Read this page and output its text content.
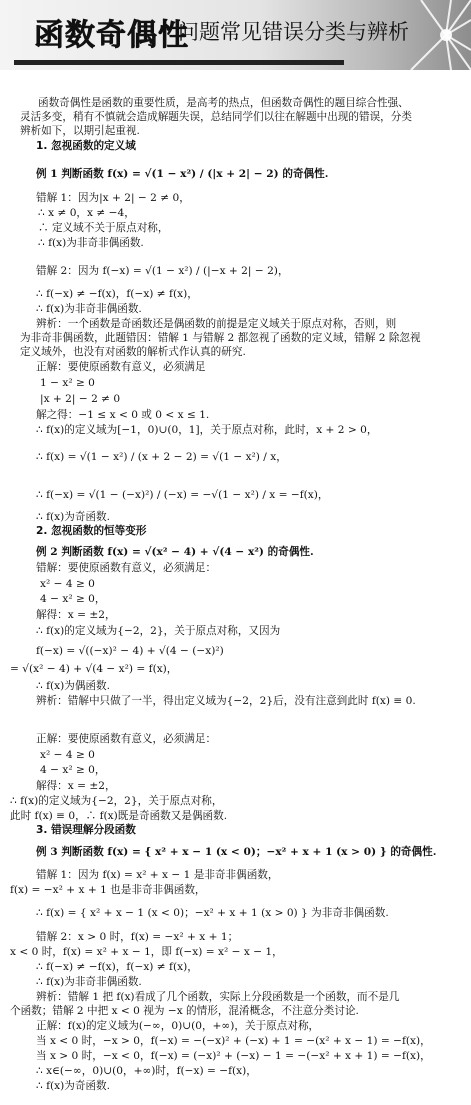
函数奇偶性
问题常见错误分类与辨析
函数奇偶性是函数的重要性质，是高考的热点，但函数奇偶性的题目综合性强、
灵活多变，稍有不慎就会造成解题失误，总结同学们以往在解题中出现的错误，分类
辨析如下，以期引起重视.
1. 忽视函数的定义域
例 1 判断函数 f(x) = √(1 − x²) / (|x + 2| − 2) 的奇偶性.
错解 1：因为|x + 2| − 2 ≠ 0，
∴ x ≠ 0，x ≠ −4，
∴ 定义域不关于原点对称，
∴ f(x)为非奇非偶函数.
错解 2：因为 f(−x) = √(1 − x²) / (|−x + 2| − 2)，
∴ f(−x) ≠ −f(x)，f(−x) ≠ f(x)，
∴ f(x)为非奇非偶函数.
辨析：一个函数是奇函数还是偶函数的前提是定义域关于原点对称，否则，则
为非奇非偶函数，此题错因：错解 1 与错解 2 都忽视了函数的定义域，错解 2 除忽视
定义域外，也没有对函数的解析式作认真的研究.
正解：要使原函数有意义，必须满足
1 − x² ≥ 0
|x + 2| − 2 ≠ 0
解之得：−1 ≤ x < 0 或 0 < x ≤ 1.
∴ f(x)的定义域为[−1，0)∪(0，1]，关于原点对称，此时，x + 2 > 0，
∴ f(x) = √(1 − x²) / (x + 2 − 2) = √(1 − x²) / x，
∴ f(−x) = √(1 − (−x)²) / (−x) = −√(1 − x²) / x = −f(x)，
∴ f(x)为奇函数.
2. 忽视函数的恒等变形
例 2 判断函数 f(x) = √(x² − 4) + √(4 − x²) 的奇偶性.
错解：要使原函数有意义，必须满足：
x² − 4 ≥ 0
4 − x² ≥ 0，
解得：x = ±2，
∴ f(x)的定义域为{−2，2}，关于原点对称，又因为
f(−x) = √((−x)² − 4) + √(4 − (−x)²)
= √(x² − 4) + √(4 − x²) = f(x)，
∴ f(x)为偶函数.
辨析：错解中只做了一半，得出定义域为{−2，2}后，没有注意到此时 f(x) ≡ 0.
正解：要使原函数有意义，必须满足：
x² − 4 ≥ 0
4 − x² ≥ 0，
解得：x = ±2，
∴ f(x)的定义域为{−2，2}，关于原点对称，
此时 f(x) ≡ 0，∴ f(x)既是奇函数又是偶函数.
3. 错误理解分段函数
例 3 判断函数 f(x) = { x² + x − 1 (x < 0)；−x² + x + 1 (x > 0) } 的奇偶性.
错解 1：因为 f(x) = x² + x − 1 是非奇非偶函数，
f(x) = −x² + x + 1 也是非奇非偶函数，
∴ f(x) = { x² + x − 1 (x < 0)；−x² + x + 1 (x > 0) } 为非奇非偶函数.
错解 2：x > 0 时，f(x) = −x² + x + 1；
x < 0 时，f(x) = x² + x − 1，即 f(−x) = x² − x − 1，
∴ f(−x) ≠ −f(x)，f(−x) ≠ f(x)，
∴ f(x)为非奇非偶函数.
辨析：错解 1 把 f(x)看成了几个函数，实际上分段函数是一个函数，而不是几
个函数；错解 2 中把 x < 0 视为 −x 的情形，混淆概念，不注意分类讨论.
正解：f(x)的定义域为(−∞，0)∪(0，+∞)，关于原点对称，
当 x < 0 时，−x > 0，f(−x) = −(−x)² + (−x) + 1 = −(x² + x − 1) = −f(x)，
当 x > 0 时，−x < 0，f(−x) = (−x)² + (−x) − 1 = −(−x² + x + 1) = −f(x)，
∴ x∈(−∞，0)∪(0，+∞)时，f(−x) = −f(x)，
∴ f(x)为奇函数.
